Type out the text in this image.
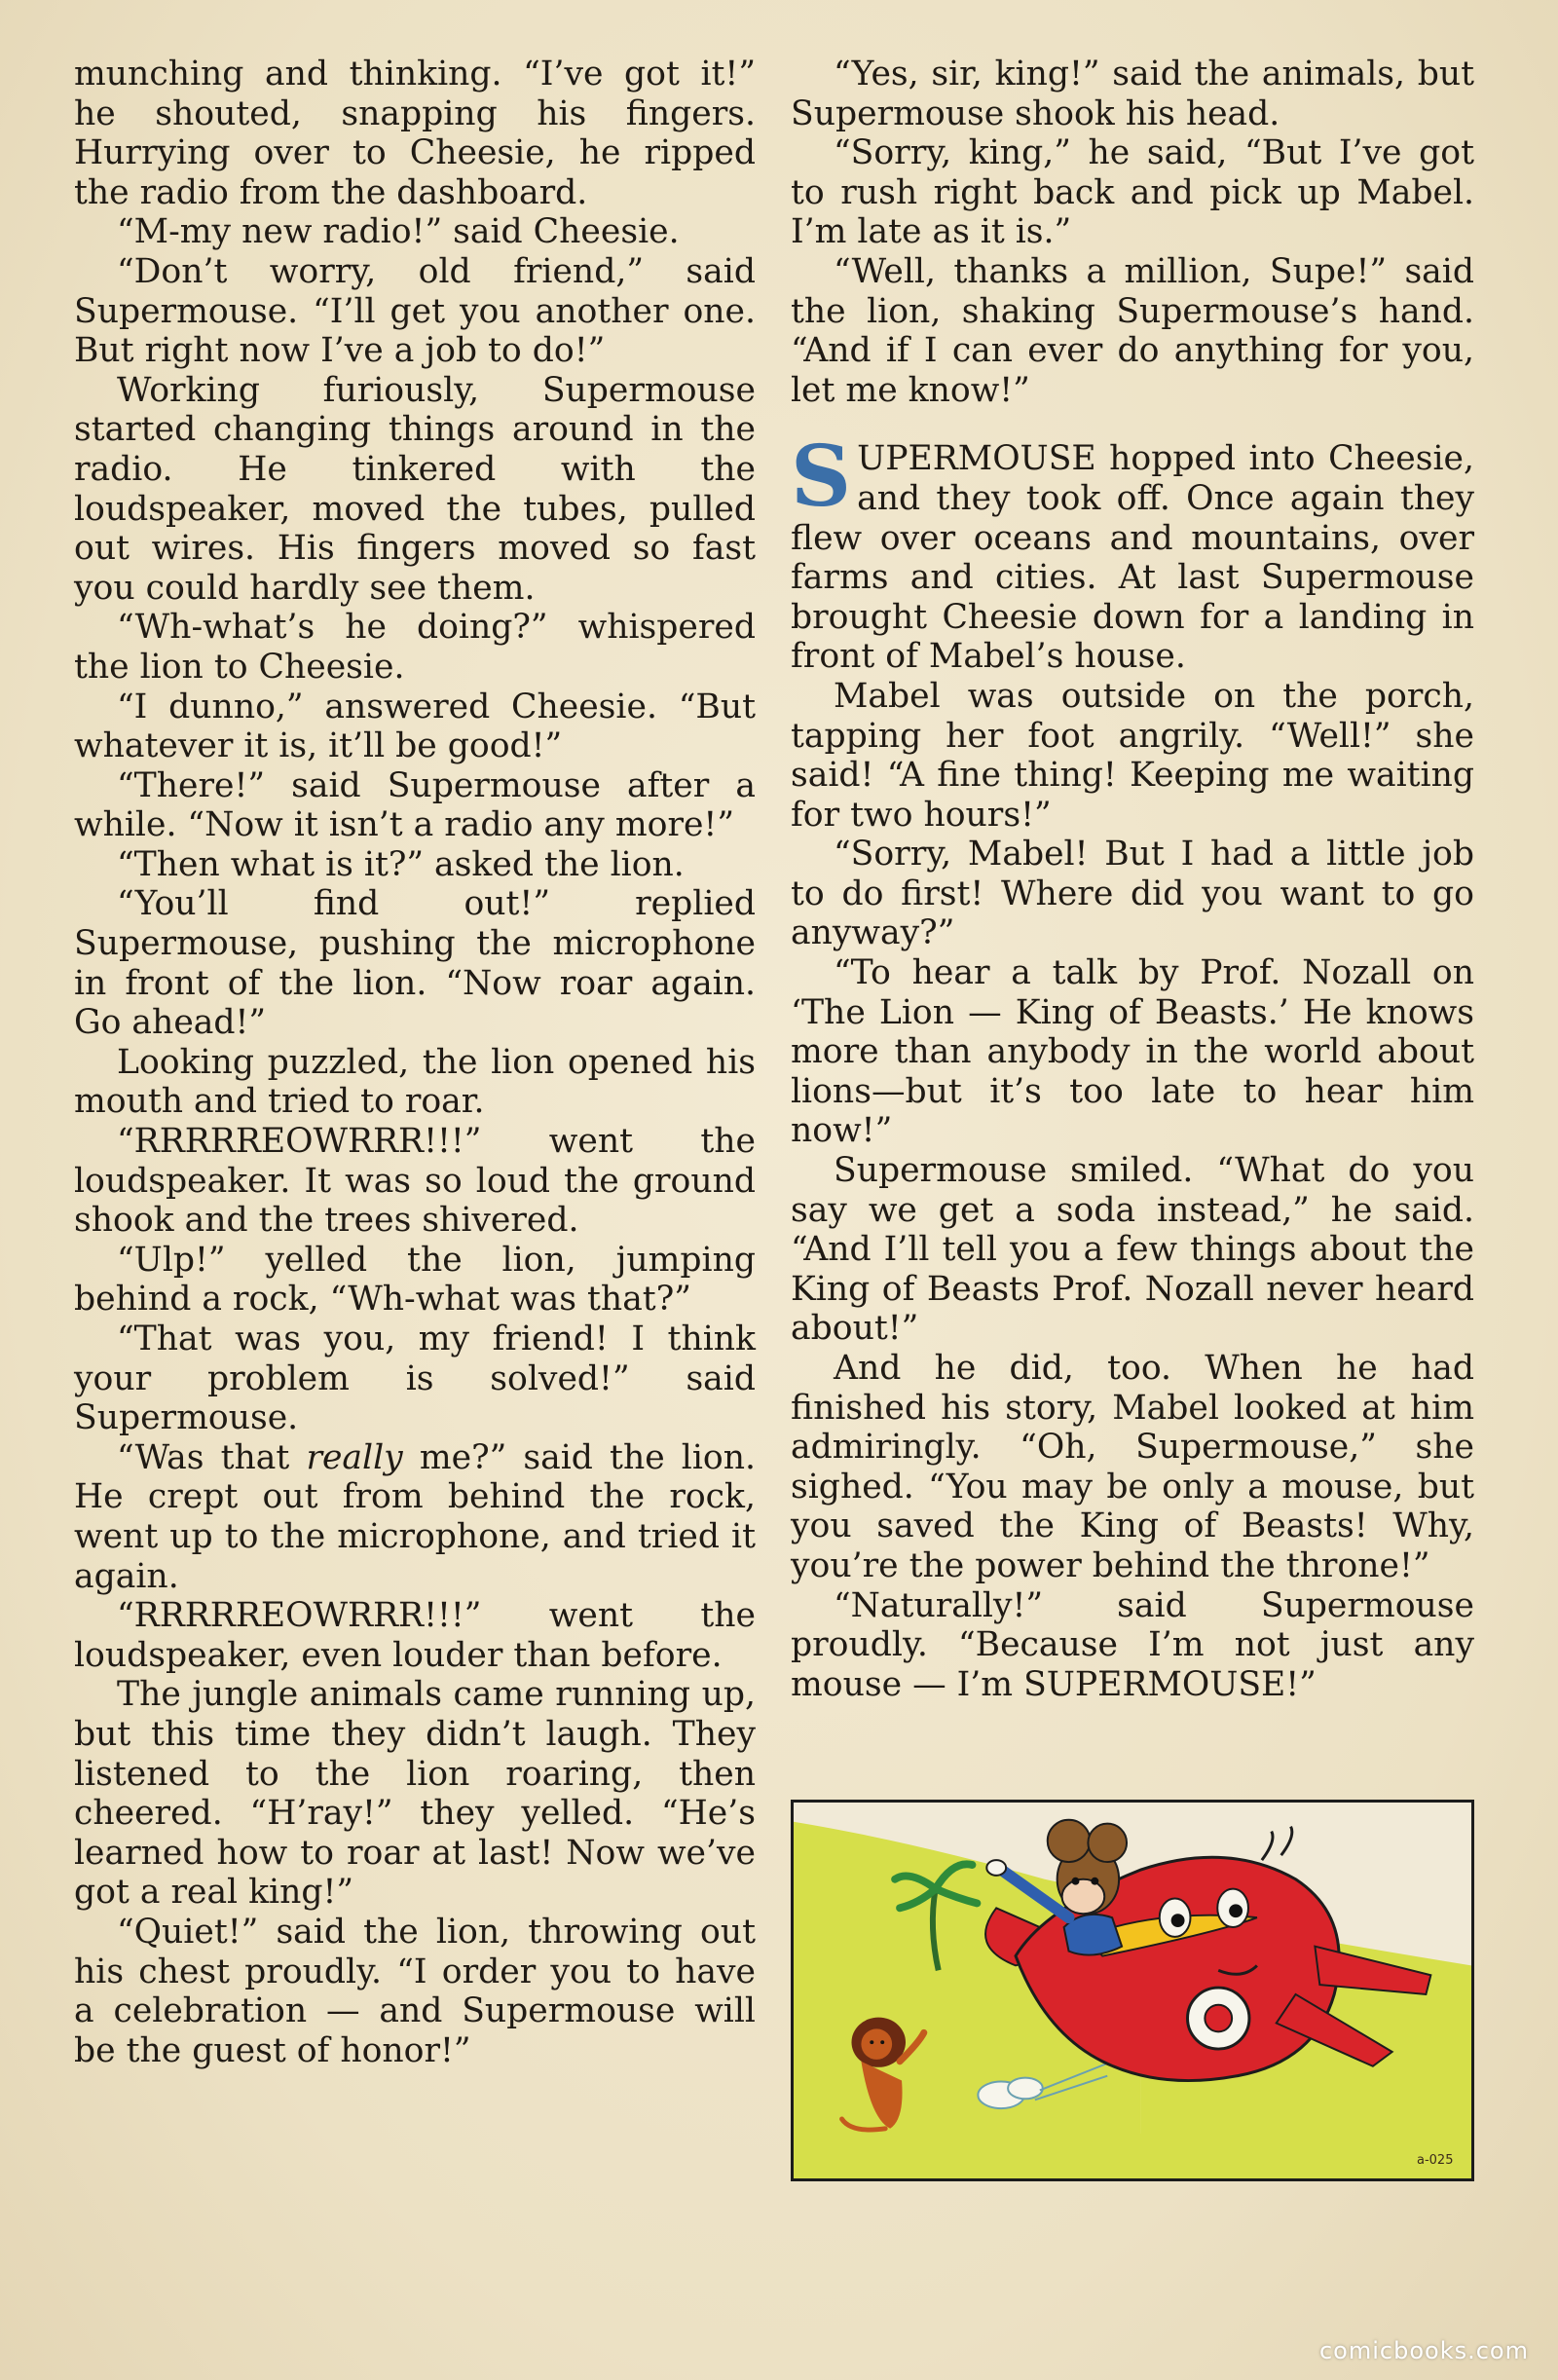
munching and thinking. “I’ve got it!” he shouted, snapping his fingers. Hurrying over to Cheesie, he ripped the radio from the dashboard.

“M-my new radio!” said Cheesie.

“Don’t worry, old friend,” said Supermouse. “I’ll get you another one. But right now I’ve a job to do!”

Working furiously, Supermouse started changing things around in the radio. He tinkered with the loudspeaker, moved the tubes, pulled out wires. His fingers moved so fast you could hardly see them.

“Wh-what’s he doing?” whispered the lion to Cheesie.

“I dunno,” answered Cheesie. “But whatever it is, it’ll be good!”

“There!” said Supermouse after a while. “Now it isn’t a radio any more!”

“Then what is it?” asked the lion.

“You’ll find out!” replied Supermouse, pushing the microphone in front of the lion. “Now roar again. Go ahead!”

Looking puzzled, the lion opened his mouth and tried to roar.

“RRRRREOWRRR!!!” went the loudspeaker. It was so loud the ground shook and the trees shivered.

“Ulp!” yelled the lion, jumping behind a rock, “Wh-what was that?”

“That was you, my friend! I think your problem is solved!” said Supermouse.

“Was that really me?” said the lion. He crept out from behind the rock, went up to the microphone, and tried it again.

“RRRRREOWRRR!!!” went the loudspeaker, even louder than before.

The jungle animals came running up, but this time they didn’t laugh. They listened to the lion roaring, then cheered. “H’ray!” they yelled. “He’s learned how to roar at last! Now we’ve got a real king!”

“Quiet!” said the lion, throwing out his chest proudly. “I order you to have a celebration — and Supermouse will be the guest of honor!”

“Yes, sir, king!” said the animals, but Supermouse shook his head.

“Sorry, king,” he said, “But I’ve got to rush right back and pick up Mabel. I’m late as it is.”

“Well, thanks a million, Supe!” said the lion, shaking Supermouse’s hand. “And if I can ever do anything for you, let me know!”

SUPERMOUSE hopped into Cheesie, and they took off. Once again they flew over oceans and mountains, over farms and cities. At last Supermouse brought Cheesie down for a landing in front of Mabel’s house.

Mabel was outside on the porch, tapping her foot angrily. “Well!” she said! “A fine thing! Keeping me waiting for two hours!”

“Sorry, Mabel! But I had a little job to do first! Where did you want to go anyway?”

“To hear a talk by Prof. Nozall on ‘The Lion — King of Beasts.’ He knows more than anybody in the world about lions—but it’s too late to hear him now!”

Supermouse smiled. “What do you say we get a soda instead,” he said. “And I’ll tell you a few things about the King of Beasts Prof. Nozall never heard about!”

And he did, too. When he had finished his story, Mabel looked at him admiringly. “Oh, Supermouse,” she sighed. “You may be only a mouse, but you saved the King of Beasts! Why, you’re the power behind the throne!”

“Naturally!” said Supermouse proudly. “Because I’m not just any mouse — I’m SUPERMOUSE!”

a-025
comicbooks.com
